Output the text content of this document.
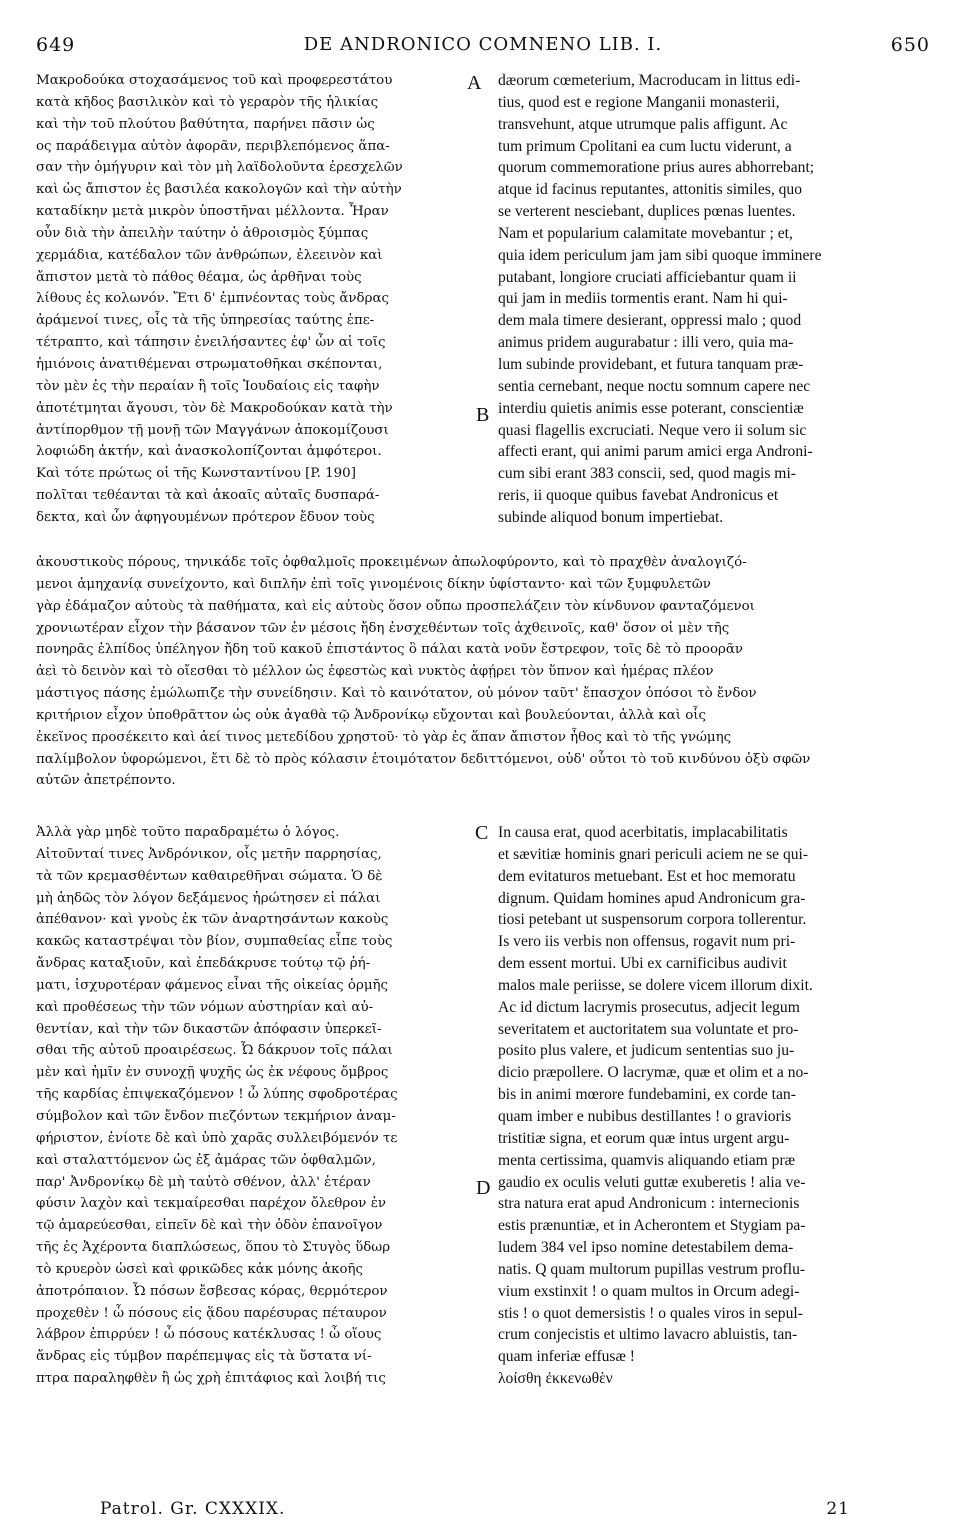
649	DE ANDRONICO COMNENO LIB. I.	650
A
B
C
D
Μακροδούκα στοχασάμενος τοῦ καὶ προφερεστάτου
κατὰ κῆδος βασιλικὸν καὶ τὸ γεραρὸν τῆς ἡλικίας
καὶ τὴν τοῦ πλούτου βαθύτητα, παρήνει πᾶσιν ὡς
ος παράδειγμα αὐτὸν ἀφορᾶν, περιβλεπόμενος ἅπα-
σαν τὴν ὁμήγυριν καὶ τὸν μὴ λαϊδολοῦντα ἐρεσχελῶν
καὶ ὡς ἄπιστον ἐς βασιλέα κακολογῶν καὶ τὴν αὐτὴν
καταδίκην μετὰ μικρὸν ὑποστῆναι μέλλοντα. Ἦραν
οὖν διὰ τὴν ἀπειλὴν ταύτην ὁ ἀθροισμὸς ξύμπας
χερμάδια, κατέδαλον τῶν ἀνθρώπων, ἐλεεινὸν καὶ
ἄπιστον μετὰ τὸ πάθος θέαμα, ὡς ἀρθῆναι τοὺς
λίθους ἐς κολωνόν. Ἔτι δ' ἐμπνέοντας τοὺς ἄνδρας
ἀράμενοί τινες, οἷς τὰ τῆς ὑπηρεσίας ταύτης ἐπε-
τέτραπτο, καὶ τάπησιν ἐνειλήσαντες ἐφ' ὧν αἱ τοῖς
ἡμιόνοις ἀνατιθέμεναι στρωματοθῆκαι σκέπονται,
τὸν μὲν ἐς τὴν περαίαν ἢ τοῖς Ἰουδαίοις εἰς ταφὴν
ἀποτέτμηται ἄγουσι, τὸν δὲ Μακροδούκαν κατὰ τὴν
ἀντίπορθμον τῇ μονῇ τῶν Μαγγάνων ἀποκομίζουσι
λοφιώδη ἀκτήν, καὶ ἀνασκολοπίζονται ἀμφότεροι.
Καὶ τότε πρώτως οἱ τῆς Κωνσταντίνου [P. 190]
πολῖται τεθέανται τὰ καὶ ἀκοαῖς αὐταῖς δυσπαρά-
δεκτα, καὶ ὧν ἀφηγουμένων πρότερον ἔδυον τοὺς
dæorum cœmeterium, Macroducam in littus edi-
tius, quod est e regione Manganii monasterii,
transvehunt, atque utrumque palis affigunt. Ac
tum primum Cpolitani ea cum luctu viderunt, a
quorum commemoratione prius aures abhorrebant;
atque id facinus reputantes, attonitis similes, quo
se verterent nesciebant, duplices pœnas luentes.
Nam et popularium calamitate movebantur ; et,
quia idem periculum jam jam sibi quoque imminere
putabant, longiore cruciati afficiebantur quam ii
qui jam in mediis tormentis erant. Nam hi qui-
dem mala timere desierant, oppressi malo ; quod
animus pridem augurabatur : illi vero, quia ma-
lum subinde providebant, et futura tanquam præ-
sentia cernebant, neque noctu somnum capere nec
interdiu quietis animis esse poterant, conscientiæ
quasi flagellis excruciati. Neque vero ii solum sic
affecti erant, qui animi parum amici erga Androni-
cum sibi erant 383 conscii, sed, quod magis mi-
reris, ii quoque quibus favebat Andronicus et
subinde aliquod bonum impertiebat.
ἀκουστικοὺς πόρους, τηνικάδε τοῖς ὀφθαλμοῖς προκειμένων ἀπωλοφύροντο, καὶ τὸ πραχθὲν ἀναλογιζό-
μενοι ἀμηχανίᾳ συνείχοντο, καὶ διπλῆν ἐπὶ τοῖς γινομένοις δίκην ὑφίσταντο· καὶ τῶν ξυμφυλετῶν
γὰρ ἐδάμαζον αὐτοὺς τὰ παθήματα, καὶ εἰς αὐτοὺς ὅσον οὔπω προσπελάζειν τὸν κίνδυνον φανταζόμενοι
χρονιωτέραν εἶχον τὴν βάσανον τῶν ἐν μέσοις ἤδη ἐνσχεθέντων τοῖς ἀχθεινοῖς, καθ' ὅσον οἱ μὲν τῆς
πονηρᾶς ἐλπίδος ὑπέληγον ἤδη τοῦ κακοῦ ἐπιστάντος ὃ πάλαι κατὰ νοῦν ἔστρεφον, τοῖς δὲ τὸ προορᾶν
ἀεὶ τὸ δεινὸν καὶ τὸ οἴεσθαι τὸ μέλλον ὡς ἐφεστὼς καὶ νυκτὸς ἀφῄρει τὸν ὕπνον καὶ ἡμέρας πλέον
μάστιγος πάσης ἐμώλωπιζε τὴν συνείδησιν. Καὶ τὸ καινότατον, οὐ μόνον ταῦτ' ἔπασχον ὁπόσοι τὸ ἔνδον
κριτήριον εἶχον ὑποθρᾶττον ὡς οὐκ ἀγαθὰ τῷ Ἀνδρονίκῳ εὔχονται καὶ βουλεύονται, ἀλλὰ καὶ οἷς
ἐκεῖνος προσέκειτο καὶ ἀεί τινος μετεδίδου χρηστοῦ· τὸ γὰρ ἐς ἅπαν ἄπιστον ἦθος καὶ τὸ τῆς γνώμης
παλίμβολον ὑφορώμενοι, ἔτι δὲ τὸ πρὸς κόλασιν ἑτοιμότατον δεδιττόμενοι, οὐδ' οὗτοι τὸ τοῦ κινδύνου ὀξὺ σφῶν
αὐτῶν ἀπετρέποντο.
Ἀλλὰ γὰρ μηδὲ τοῦτο παραδραμέτω ὁ λόγος.
Αἰτοῦνταί τινες Ἀνδρόνικον, οἷς μετῆν παρρησίας,
τὰ τῶν κρεμασθέντων καθαιρεθῆναι σώματα. Ὁ δὲ
μὴ ἀηδῶς τὸν λόγον δεξάμενος ἠρώτησεν εἰ πάλαι
ἀπέθανον· καὶ γνοὺς ἐκ τῶν ἀναρτησάντων κακοὺς
κακῶς καταστρέψαι τὸν βίον, συμπαθείας εἶπε τοὺς
ἄνδρας καταξιοῦν, καὶ ἐπεδάκρυσε τούτῳ τῷ ῥή-
ματι, ἰσχυροτέραν φάμενος εἶναι τῆς οἰκείας ὁρμῆς
καὶ προθέσεως τὴν τῶν νόμων αὐστηρίαν καὶ αὐ-
θεντίαν, καὶ τὴν τῶν δικαστῶν ἀπόφασιν ὑπερκεῖ-
σθαι τῆς αὐτοῦ προαιρέσεως. Ὦ δάκρυον τοῖς πάλαι
μὲν καὶ ἡμῖν ἐν συνοχῇ ψυχῆς ὡς ἐκ νέφους ὄμβρος
τῆς καρδίας ἐπιψεκαζόμενον ! ὦ λύπης σφοδροτέρας
σύμβολον καὶ τῶν ἔνδον πιεζόντων τεκμήριον ἀναμ-
φήριστον, ἐνίοτε δὲ καὶ ὑπὸ χαρᾶς συλλειβόμενόν τε
καὶ σταλαττόμενον ὡς ἐξ ἀμάρας τῶν ὀφθαλμῶν,
παρ' Ἀνδρονίκῳ δὲ μὴ ταὐτὸ σθένον, ἀλλ' ἑτέραν
φύσιν λαχὸν καὶ τεκμαίρεσθαι παρέχον ὄλεθρον ἐν
τῷ ἀμαρεύεσθαι, εἰπεῖν δὲ καὶ τὴν ὁδὸν ἐπανοῖγον
τῆς ἐς Ἀχέροντα διαπλώσεως, ὅπου τὸ Στυγὸς ὕδωρ
τὸ κρυερὸν ὡσεὶ καὶ φρικῶδες κἀκ μόνης ἀκοῆς
ἀποτρόπαιον. Ὦ πόσων ἔσβεσας κόρας, θερμότερον
προχεθὲν ! ὦ πόσους εἰς ᾅδου παρέσυρας πέταυρον
λάβρον ἐπιρρύεν ! ὦ πόσους κατέκλυσας ! ὦ οἵους
ἄνδρας εἰς τύμβον παρέπεμψας εἰς τὰ ὕστατα νί-
πτρα παραληφθὲν ἢ ὡς χρὴ ἐπιτάφιος καὶ λοιβή τις
In causa erat, quod acerbitatis, implacabilitatis
et sævitiæ hominis gnari periculi aciem ne se qui-
dem evitaturos metuebant. Est et hoc memoratu
dignum. Quidam homines apud Andronicum gra-
tiosi petebant ut suspensorum corpora tollerentur.
Is vero iis verbis non offensus, rogavit num pri-
dem essent mortui. Ubi ex carnificibus audivit
malos male periisse, se dolere vicem illorum dixit.
Ac id dictum lacrymis prosecutus, adjecit legum
severitatem et auctoritatem sua voluntate et pro-
posito plus valere, et judicum sententias suo ju-
dicio præpollere. O lacrymæ, quæ et olim et a no-
bis in animi mœrore fundebamini, ex corde tan-
quam imber e nubibus destillantes ! o gravioris
tristitiæ signa, et eorum quæ intus urgent argu-
menta certissima, quamvis aliquando etiam præ
gaudio ex oculis veluti guttæ exuberetis ! alia ve-
stra natura erat apud Andronicum : internecionis
estis prænuntiæ, et in Acherontem et Stygiam pa-
ludem 384 vel ipso nomine detestabilem dema-
natis. Q quam multorum pupillas vestrum proflu-
vium exstinxit ! o quam multos in Orcum adegi-
stis ! o quot demersistis ! o quales viros in sepul-
crum conjecistis et ultimo lavacro abluistis, tan-
quam inferiæ effusæ !
λοίσθη ἐκκενωθὲν
Patrol. Gr. CXXXIX.	21
